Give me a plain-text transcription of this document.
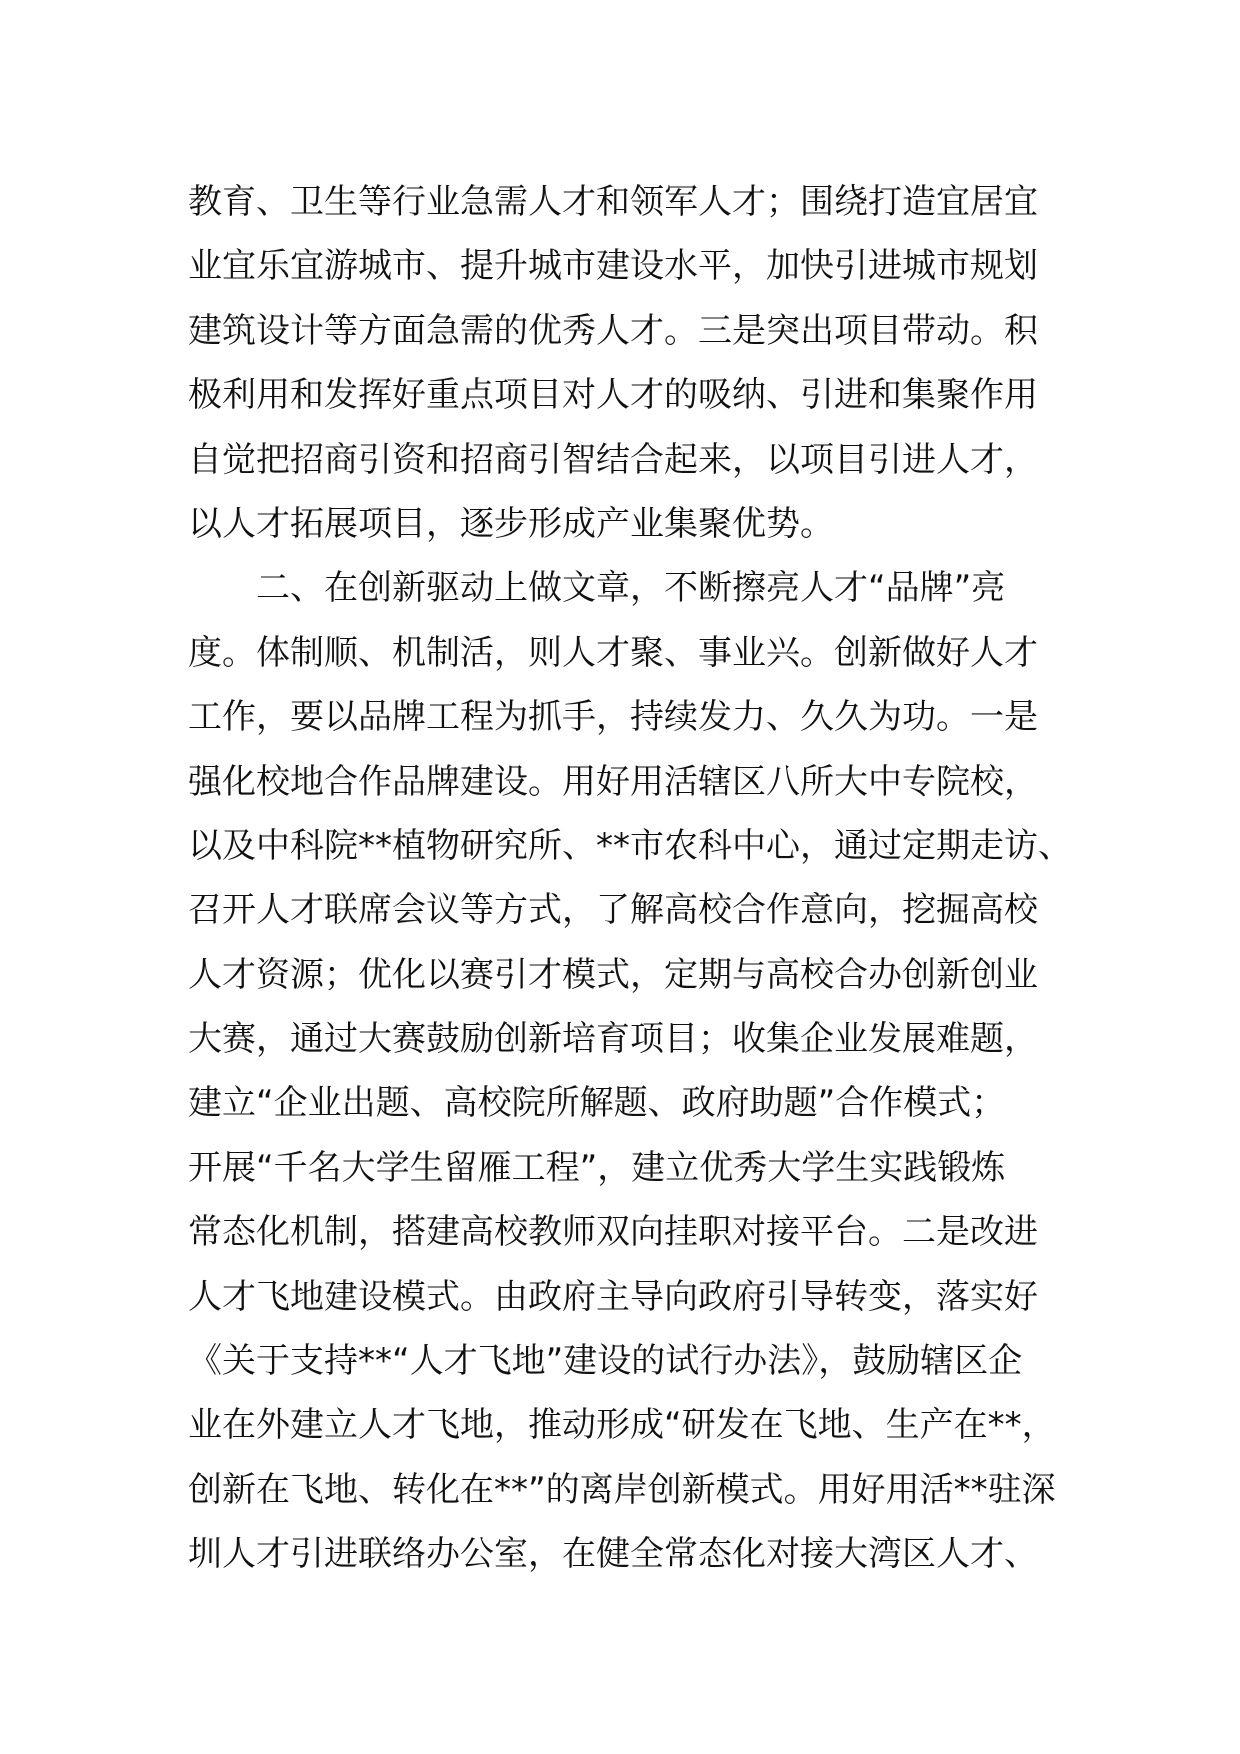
教育、卫生等行业急需人才和领军人才；围绕打造宜居宜
业宜乐宜游城市、提升城市建设水平，加快引进城市规划
建筑设计等方面急需的优秀人才。三是突出项目带动。积
极利用和发挥好重点项目对人才的吸纳、引进和集聚作用
自觉把招商引资和招商引智结合起来，以项目引进人才，
以人才拓展项目，逐步形成产业集聚优势。
二、在创新驱动上做文章，不断擦亮人才“品牌”亮
度。体制顺、机制活，则人才聚、事业兴。创新做好人才
工作，要以品牌工程为抓手，持续发力、久久为功。一是
强化校地合作品牌建设。用好用活辖区八所大中专院校，
以及中科院**植物研究所、**市农科中心，通过定期走访、
召开人才联席会议等方式，了解高校合作意向，挖掘高校
人才资源；优化以赛引才模式，定期与高校合办创新创业
大赛，通过大赛鼓励创新培育项目；收集企业发展难题，
建立“企业出题、高校院所解题、政府助题”合作模式；
开展“千名大学生留雁工程”，建立优秀大学生实践锻炼
常态化机制，搭建高校教师双向挂职对接平台。二是改进
人才飞地建设模式。由政府主导向政府引导转变，落实好
《关于支持**“人才飞地”建设的试行办法》，鼓励辖区企
业在外建立人才飞地，推动形成“研发在飞地、生产在**，
创新在飞地、转化在**”的离岸创新模式。用好用活**驻深
圳人才引进联络办公室，在健全常态化对接大湾区人才、
